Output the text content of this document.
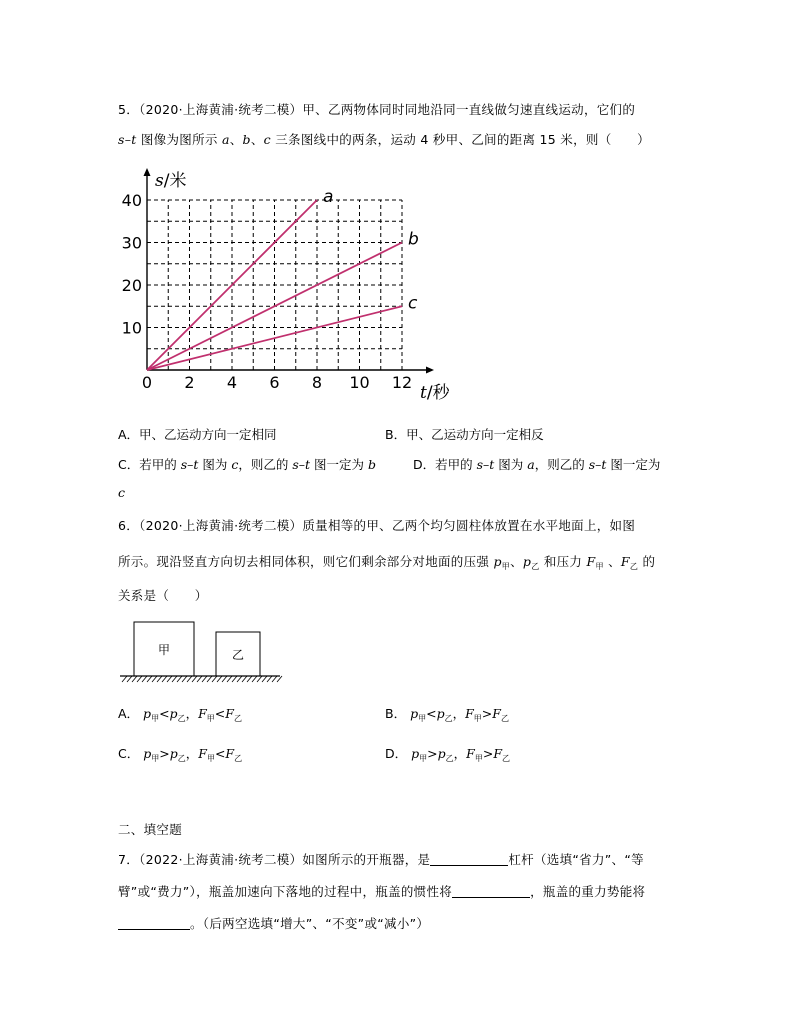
5．（2020·上海黄浦·统考二模）甲、乙两物体同时同地沿同一直线做匀速直线运动，它们的
s–t 图像为图所示 a、b、c 三条图线中的两条，运动 4 秒甲、乙间的距离 15 米，则（　　）
0 2 4 6 8 10 12
10
20
30
40
s/米
t/秒
a
b
c
A．甲、乙运动方向一定相同	B．甲、乙运动方向一定相反
C．若甲的 s–t 图为 c，则乙的 s–t 图一定为 b	D．若甲的 s–t 图为 a，则乙的 s–t 图一定为
c
6．（2020·上海黄浦·统考二模）质量相等的甲、乙两个均匀圆柱体放置在水平地面上，如图
所示。现沿竖直方向切去相同体积，则它们剩余部分对地面的压强 $p_甲$、$p_乙$ 和压力 $F_甲$ 、$F_乙$ 的
关系是（　　）
甲	乙
A． $p_甲<p_乙$，$F_甲<F_乙$	B． $p_甲<p_乙$，$F_甲>F_乙$
C． $p_甲>p_乙$，$F_甲<F_乙$	D． $p_甲>p_乙$，$F_甲>F_乙$
二、填空题
7．（2022·上海黄浦·统考二模）如图所示的开瓶器，是	杠杆（选填“省力”、“等
臂”或“费力”），瓶盖加速向下落地的过程中，瓶盖的惯性将	，瓶盖的重力势能将
。（后两空选填“增大”、“不变”或“减小”）
